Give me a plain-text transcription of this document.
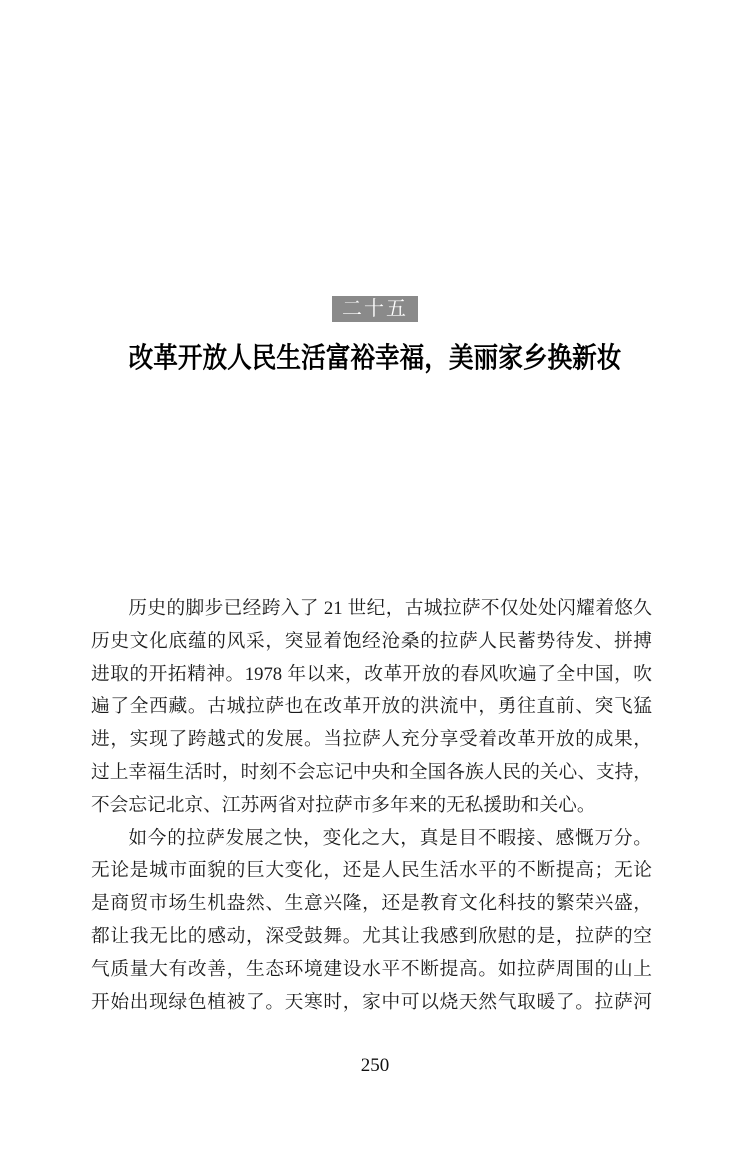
二十五
改革开放人民生活富裕幸福，美丽家乡换新妆
历史的脚步已经跨入了 21 世纪，古城拉萨不仅处处闪耀着悠久
历史文化底蕴的风采，突显着饱经沧桑的拉萨人民蓄势待发、拼搏
进取的开拓精神。1978 年以来，改革开放的春风吹遍了全中国，吹
遍了全西藏。古城拉萨也在改革开放的洪流中，勇往直前、突飞猛
进，实现了跨越式的发展。当拉萨人充分享受着改革开放的成果，
过上幸福生活时，时刻不会忘记中央和全国各族人民的关心、支持，
不会忘记北京、江苏两省对拉萨市多年来的无私援助和关心。
如今的拉萨发展之快，变化之大，真是目不暇接、感慨万分。
无论是城市面貌的巨大变化，还是人民生活水平的不断提高；无论
是商贸市场生机盎然、生意兴隆，还是教育文化科技的繁荣兴盛，
都让我无比的感动，深受鼓舞。尤其让我感到欣慰的是，拉萨的空
气质量大有改善，生态环境建设水平不断提高。如拉萨周围的山上
开始出现绿色植被了。天寒时，家中可以烧天然气取暖了。拉萨河
250
